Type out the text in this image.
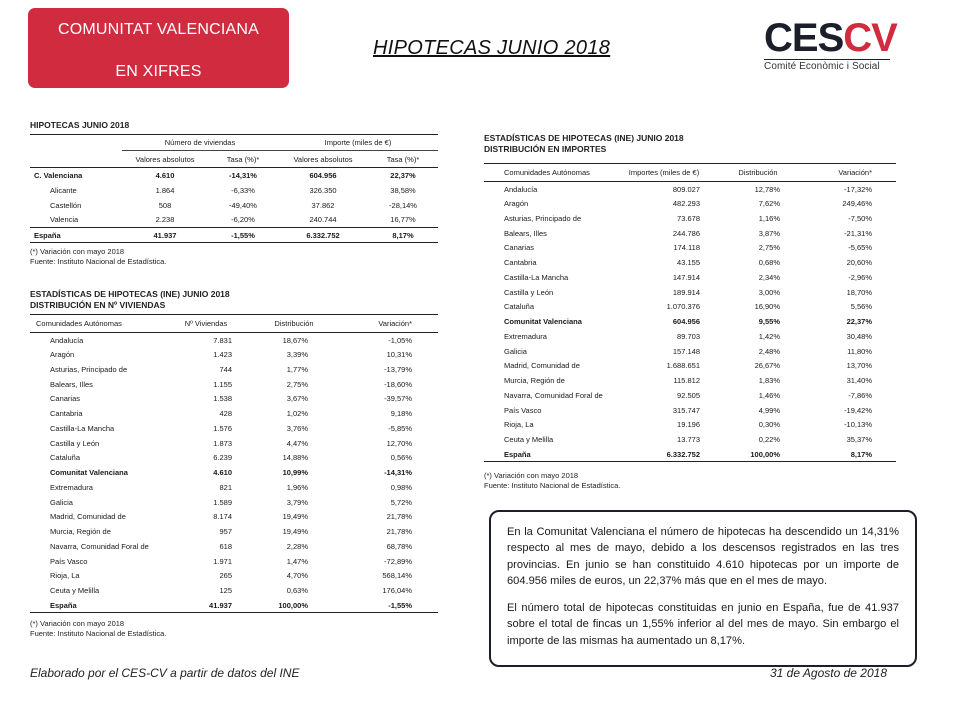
COMUNITAT VALENCIANA
EN XIFRES
HIPOTECAS JUNIO 2018	CESCV
Comité Econòmic i Social
HIPOTECAS JUNIO 2018
	Número de viviendas		Importe (miles de €)	
	Valores absolutos	Tasa (%)*	Valores absolutos	Tasa (%)*
C. Valenciana	4.610	-14,31%	604.956	22,37%
Alicante	1.864	-6,33%	326.350	38,58%
Castellón	508	-49,40%	37.862	-28,14%
Valencia	2.238	-6,20%	240.744	16,77%
España	41.937	-1,55%	6.332.752	8,17%
(*) Variación con mayo 2018
Fuente: Instituto Nacional de Estadística.
ESTADÍSTICAS DE HIPOTECAS (INE) JUNIO 2018
DISTRIBUCIÓN EN Nº VIVIENDAS
Comunidades Autónomas	Nº Viviendas	Distribución	Variación*
Andalucía	7.831	18,67%	-1,05%
Aragón	1.423	3,39%	10,31%
Asturias, Principado de	744	1,77%	-13,79%
Balears, Illes	1.155	2,75%	-18,60%
Canarias	1.538	3,67%	-39,57%
Cantabria	428	1,02%	9,18%
Castilla-La Mancha	1.576	3,76%	-5,85%
Castilla y León	1.873	4,47%	12,70%
Cataluña	6.239	14,88%	0,56%
Comunitat Valenciana	4.610	10,99%	-14,31%
Extremadura	821	1,96%	0,98%
Galicia	1.589	3,79%	5,72%
Madrid, Comunidad de	8.174	19,49%	21,78%
Murcia, Región de	957	19,49%	21,78%
Navarra, Comunidad Foral de	618	2,28%	68,78%
País Vasco	1.971	1,47%	-72,89%
Rioja, La	265	4,70%	568,14%
Ceuta y Melilla	125	0,63%	176,04%
España	41.937	100,00%	-1,55%
(*) Variación con mayo 2018
Fuente: Instituto Nacional de Estadística.
ESTADÍSTICAS DE HIPOTECAS (INE) JUNIO 2018
DISTRIBUCIÓN EN IMPORTES
Comunidades Autónomas	Importes (miles de €)	Distribución	Variación*
Andalucía	809.027	12,78%	-17,32%
Aragón	482.293	7,62%	249,46%
Asturias, Principado de	73.678	1,16%	-7,50%
Balears, Illes	244.786	3,87%	-21,31%
Canarias	174.118	2,75%	-5,65%
Cantabria	43.155	0,68%	20,60%
Castilla-La Mancha	147.914	2,34%	-2,96%
Castilla y León	189.914	3,00%	18,70%
Cataluña	1.070.376	16,90%	5,56%
Comunitat Valenciana	604.956	9,55%	22,37%
Extremadura	89.703	1,42%	30,48%
Galicia	157.148	2,48%	11,80%
Madrid, Comunidad de	1.688.651	26,67%	13,70%
Murcia, Región de	115.812	1,83%	31,40%
Navarra, Comunidad Foral de	92.505	1,46%	-7,86%
País Vasco	315.747	4,99%	-19,42%
Rioja, La	19.196	0,30%	-10,13%
Ceuta y Melilla	13.773	0,22%	35,37%
España	6.332.752	100,00%	8,17%
(*) Variación con mayo 2018
Fuente: Instituto Nacional de Estadística.

En la Comunitat Valenciana el número de hipotecas ha descendido un 14,31% respecto al mes de mayo, debido a los descensos registrados en las tres provincias. En junio se han constituido 4.610 hipotecas por un importe de 604.956 miles de euros, un 22,37% más que en el mes de mayo.

El número total de hipotecas constituidas en junio en España, fue de 41.937 sobre el total de fincas un 1,55% inferior al del mes de mayo. Sin embargo el importe de las mismas ha aumentado un 8,17%.

Elaborado por el CES-CV a partir de datos del INE	31 de Agosto de 2018
